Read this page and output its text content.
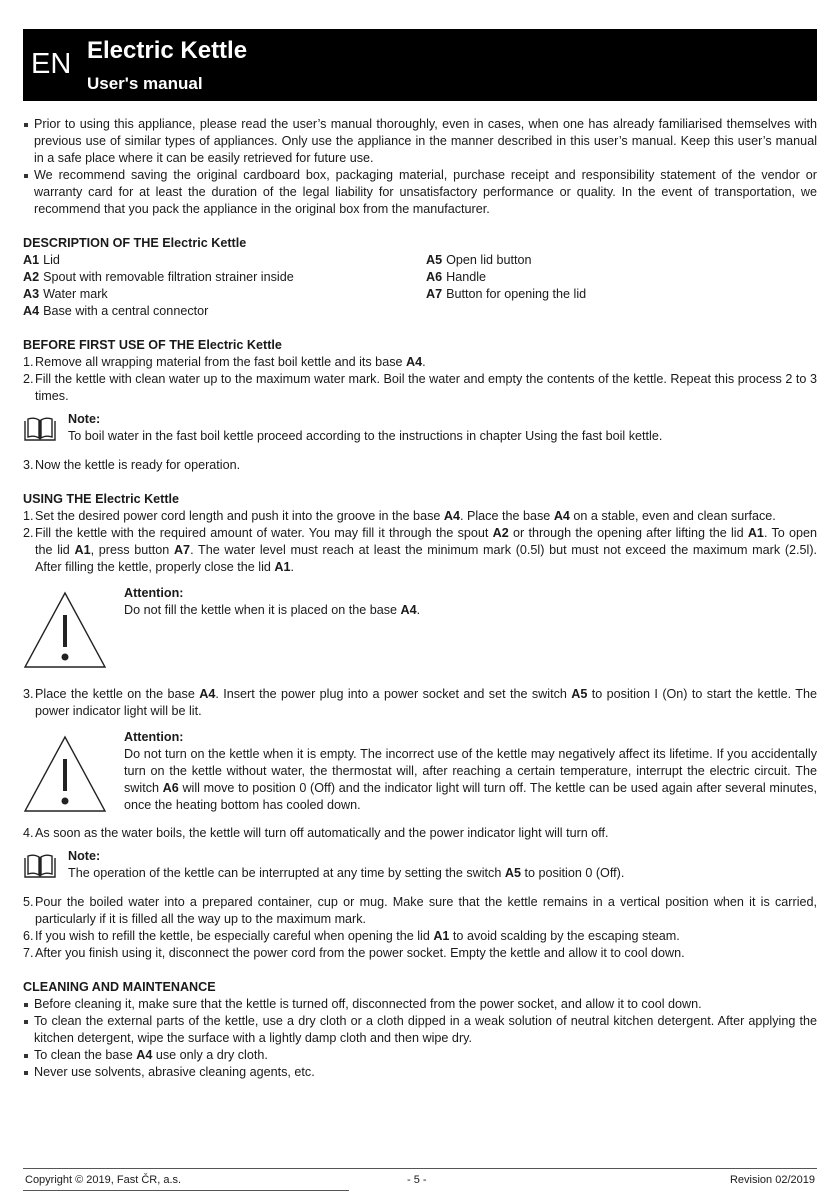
EN Electric Kettle
User's manual
Prior to using this appliance, please read the user’s manual thoroughly, even in cases, when one has already familiarised themselves with previous use of similar types of appliances. Only use the appliance in the manner described in this user’s manual. Keep this user’s manual in a safe place where it can be easily retrieved for future use.
We recommend saving the original cardboard box, packaging material, purchase receipt and responsibility statement of the vendor or warranty card for at least the duration of the legal liability for unsatisfactory performance or quality. In the event of transportation, we recommend that you pack the appliance in the original box from the manufacturer.
DESCRIPTION OF THE Electric Kettle
A1 Lid
A2 Spout with removable filtration strainer inside
A3 Water mark
A4 Base with a central connector
A5 Open lid button
A6 Handle
A7 Button for opening the lid
BEFORE FIRST USE OF THE Electric Kettle
1. Remove all wrapping material from the fast boil kettle and its base A4.
2. Fill the kettle with clean water up to the maximum water mark. Boil the water and empty the contents of the kettle. Repeat this process 2 to 3 times.
Note:
To boil water in the fast boil kettle proceed according to the instructions in chapter Using the fast boil kettle.
3. Now the kettle is ready for operation.
USING THE Electric Kettle
1. Set the desired power cord length and push it into the groove in the base A4. Place the base A4 on a stable, even and clean surface.
2. Fill the kettle with the required amount of water. You may fill it through the spout A2 or through the opening after lifting the lid A1. To open the lid A1, press button A7. The water level must reach at least the minimum mark (0.5l) but must not exceed the maximum mark (2.5l). After filling the kettle, properly close the lid A1.
Attention:
Do not fill the kettle when it is placed on the base A4.
3. Place the kettle on the base A4. Insert the power plug into a power socket and set the switch A5 to position I (On) to start the kettle. The power indicator light will be lit.
Attention:
Do not turn on the kettle when it is empty. The incorrect use of the kettle may negatively affect its lifetime. If you accidentally turn on the kettle without water, the thermostat will, after reaching a certain temperature, interrupt the electric circuit. The switch A6 will move to position 0 (Off) and the indicator light will turn off. The kettle can be used again after several minutes, once the heating bottom has cooled down.
4. As soon as the water boils, the kettle will turn off automatically and the power indicator light will turn off.
Note:
The operation of the kettle can be interrupted at any time by setting the switch A5 to position 0 (Off).
5. Pour the boiled water into a prepared container, cup or mug. Make sure that the kettle remains in a vertical position when it is carried, particularly if it is filled all the way up to the maximum mark.
6. If you wish to refill the kettle, be especially careful when opening the lid A1 to avoid scalding by the escaping steam.
7. After you finish using it, disconnect the power cord from the power socket. Empty the kettle and allow it to cool down.
CLEANING AND MAINTENANCE
Before cleaning it, make sure that the kettle is turned off, disconnected from the power socket, and allow it to cool down.
To clean the external parts of the kettle, use a dry cloth or a cloth dipped in a weak solution of neutral kitchen detergent. After applying the kitchen detergent, wipe the surface with a lightly damp cloth and then wipe dry.
To clean the base A4 use only a dry cloth.
Never use solvents, abrasive cleaning agents, etc.
Copyright © 2019, Fast ČR, a.s.	- 5 -	Revision 02/2019
